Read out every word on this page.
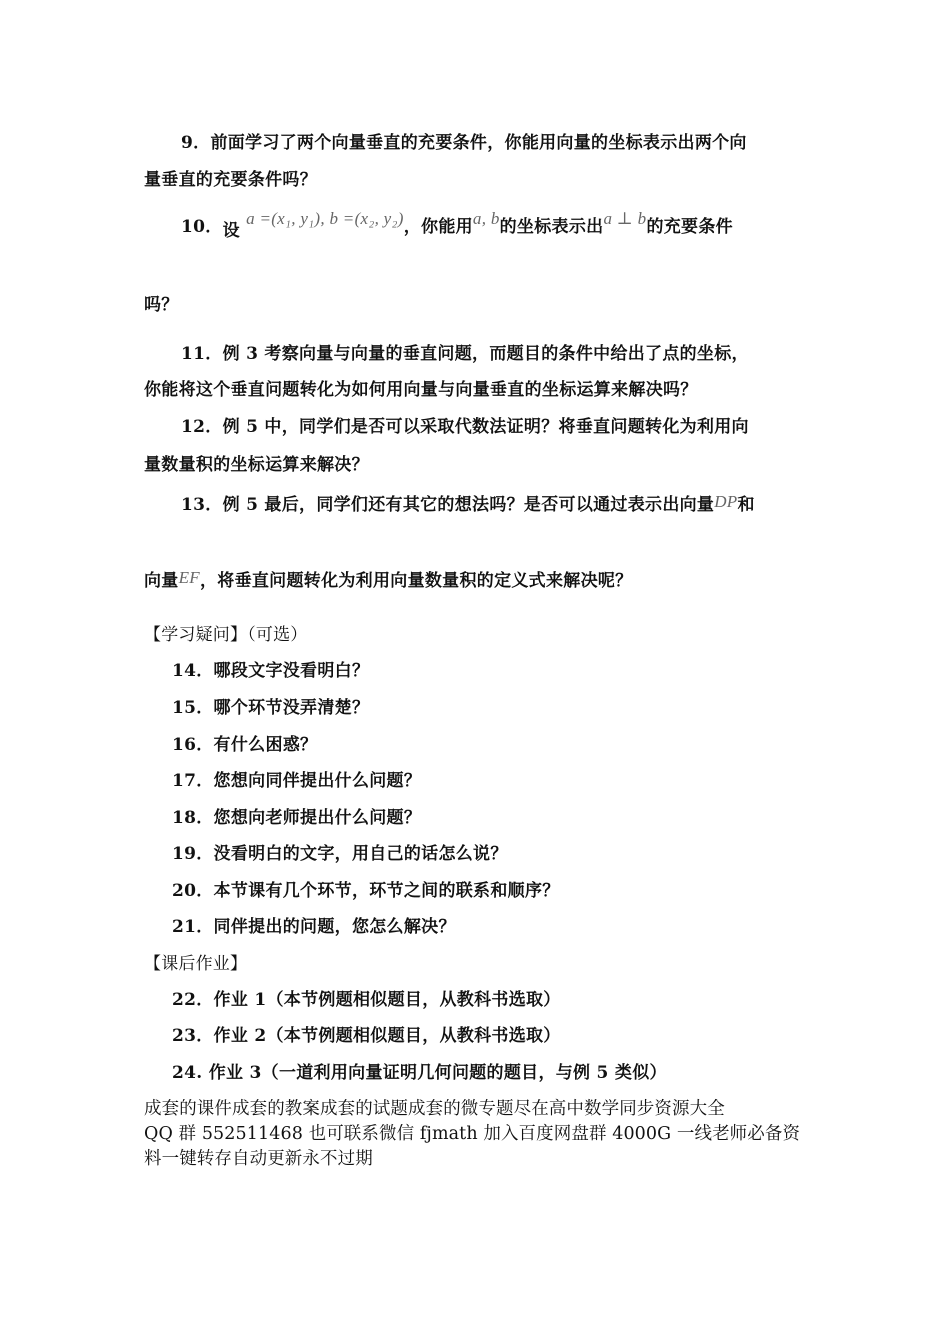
9．前面学习了两个向量垂直的充要条件，你能用向量的坐标表示出两个向
量垂直的充要条件吗？
10．设 a =(x₁, y₁), b =(x₂, y₂)，你能用a, b的坐标表示出a ⊥ b的充要条件
吗？
11．例 3 考察向量与向量的垂直问题，而题目的条件中给出了点的坐标，
你能将这个垂直问题转化为如何用向量与向量垂直的坐标运算来解决吗？
12．例 5 中，同学们是否可以采取代数法证明？将垂直问题转化为利用向
量数量积的坐标运算来解决？
13．例 5 最后，同学们还有其它的想法吗？是否可以通过表示出向量DP和
向量EF，将垂直问题转化为利用向量数量积的定义式来解决呢？
【学习疑问】（可选）
14．哪段文字没看明白？
15．哪个环节没弄清楚？
16．有什么困惑？
17．您想向同伴提出什么问题？
18．您想向老师提出什么问题？
19．没看明白的文字，用自己的话怎么说？
20．本节课有几个环节，环节之间的联系和顺序？
21．同伴提出的问题，您怎么解决？
【课后作业】
22．作业 1（本节例题相似题目，从教科书选取）
23．作业 2（本节例题相似题目，从教科书选取）
24. 作业 3（一道利用向量证明几何问题的题目，与例 5 类似）
成套的课件成套的教案成套的试题成套的微专题尽在高中数学同步资源大全
QQ 群 552511468 也可联系微信 fjmath 加入百度网盘群 4000G 一线老师必备资
料一键转存自动更新永不过期
